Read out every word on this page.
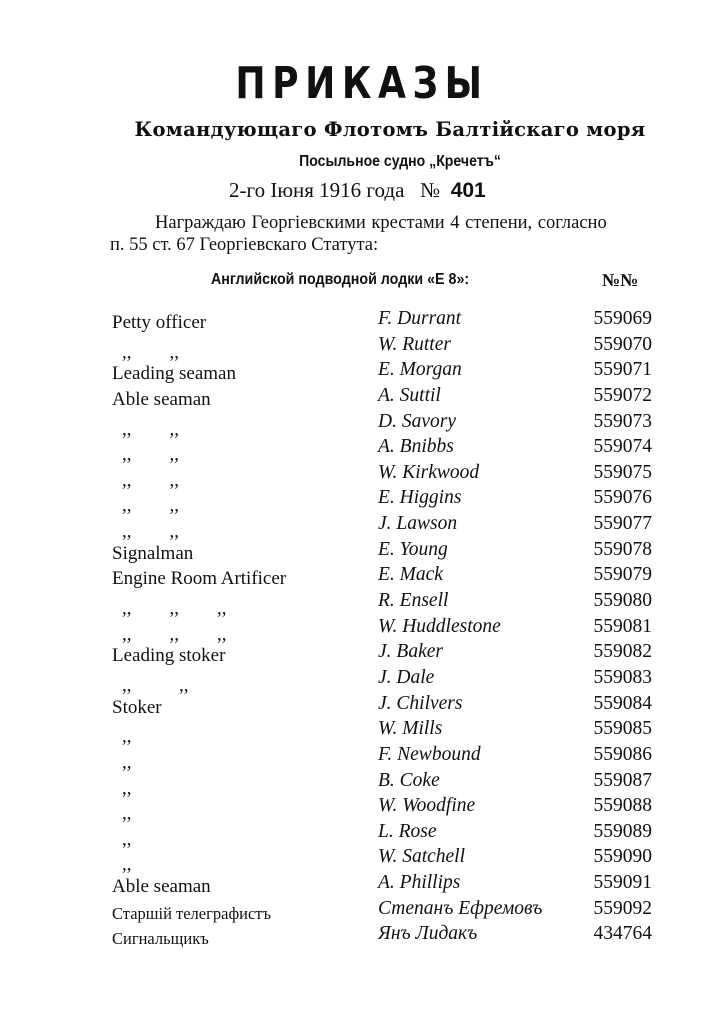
ПРИКАЗЫ
Командующаго Флотомъ Балтійскаго моря
Посыльное судно „Кречетъ“
2-го Іюня 1916 года № 401

Награждаю Георгіевскими крестами 4 степени, согласно

п. 55 ст. 67 Георгіевскаго Статута:

Английской подводной лодки «Е 8»:	№№
Petty officer	F. Durrant	559069
,,        ,,	W. Rutter	559070
Leading seaman	E. Morgan	559071
Able seaman	A. Suttil	559072
,,        ,,	D. Savory	559073
,,        ,,	A. Bnibbs	559074
,,        ,,	W. Kirkwood	559075
,,        ,,	E. Higgins	559076
,,        ,,	J. Lawson	559077
Signalman	E. Young	559078
Engine Room Artificer	E. Mack	559079
,,        ,,        ,,	R. Ensell	559080
,,        ,,        ,,	W. Huddlestone	559081
Leading stoker	J. Baker	559082
,,          ,,	J. Dale	559083
Stoker	J. Chilvers	559084
,,	W. Mills	559085
,,	F. Newbound	559086
,,	B. Coke	559087
,,	W. Woodfine	559088
,,	L. Rose	559089
,,	W. Satchell	559090
Able seaman	A. Phillips	559091
Старшій телеграфистъ	Степанъ Ефремовъ	559092
Сигнальщикъ	Янъ Лидакъ	434764
